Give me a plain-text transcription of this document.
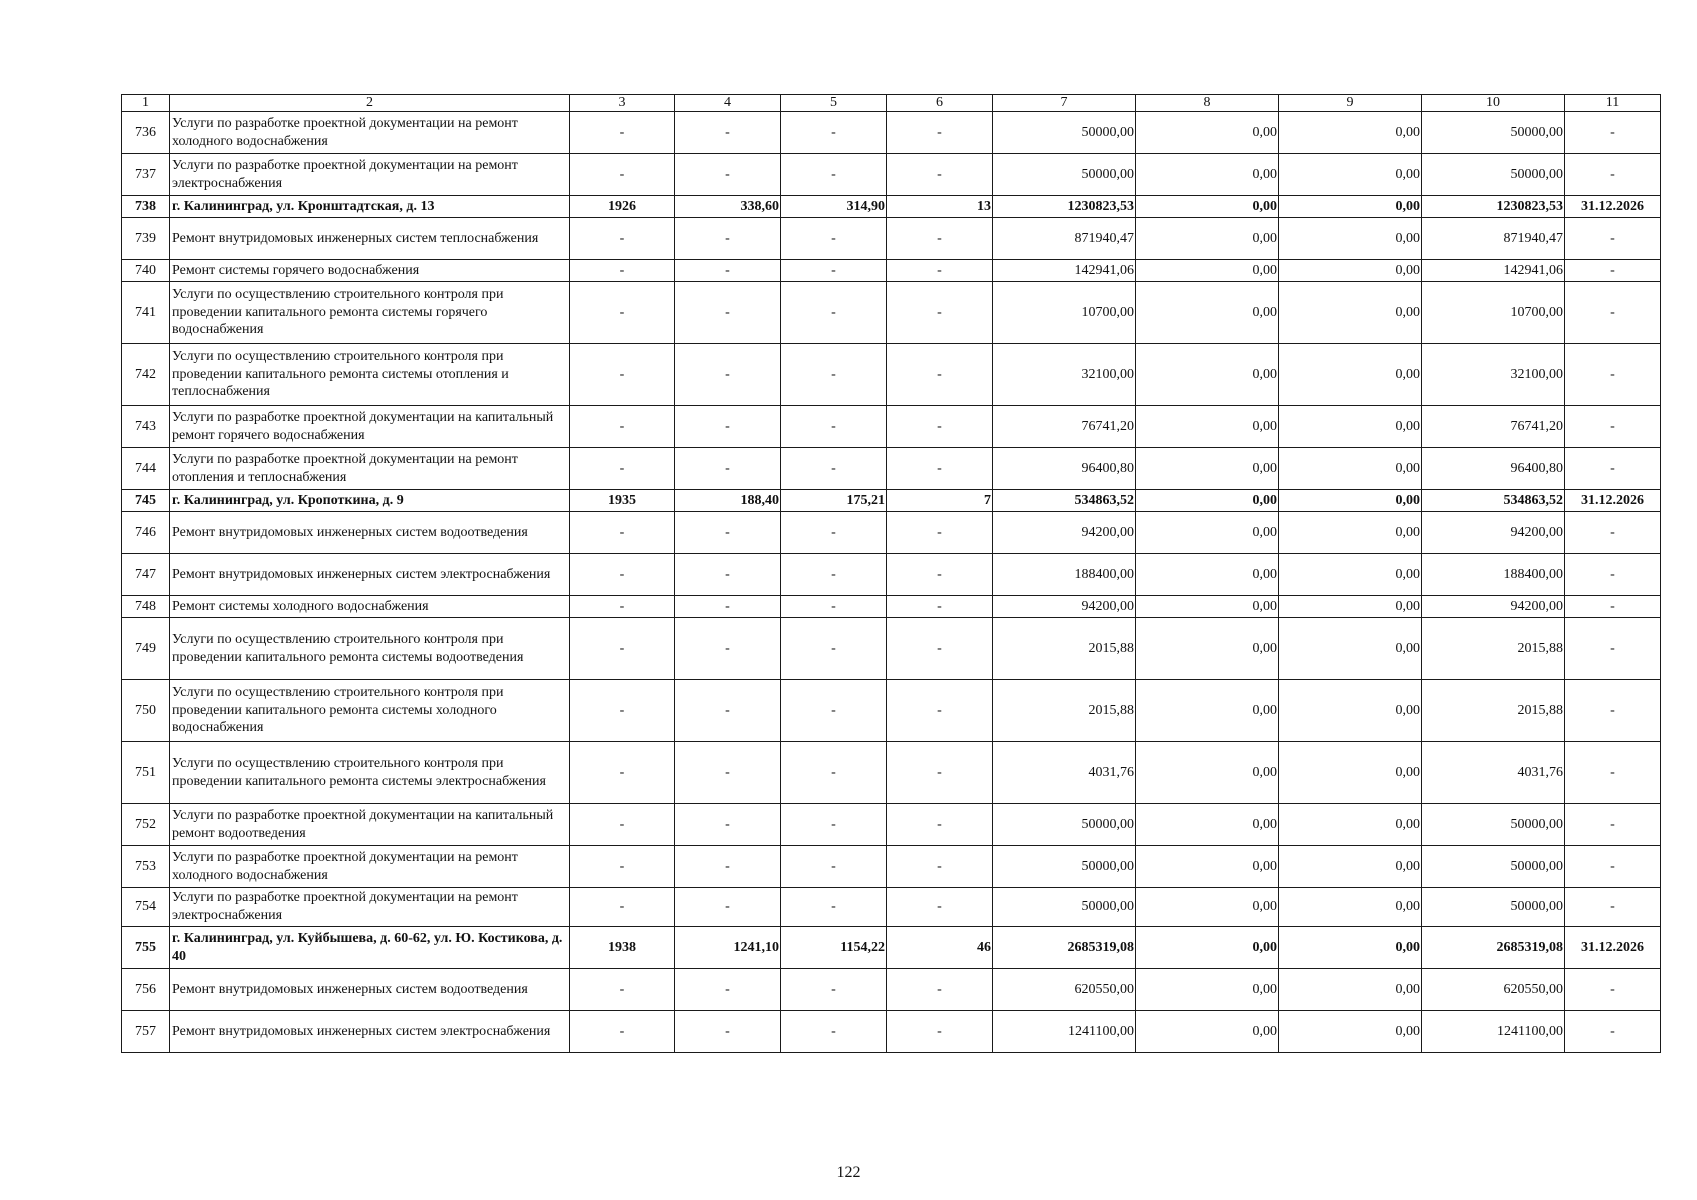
1	2	3	4	5	6	7	8	9	10	11
736	Услуги по разработке проектной документации на ремонт холодного водоснабжения	-	-	-	-	50000,00	0,00	0,00	50000,00	-
737	Услуги по разработке проектной документации на ремонт электроснабжения	-	-	-	-	50000,00	0,00	0,00	50000,00	-
738	г. Калининград, ул. Кронштадтская, д. 13	1926	338,60	314,90	13	1230823,53	0,00	0,00	1230823,53	31.12.2026
739	Ремонт внутридомовых инженерных систем теплоснабжения	-	-	-	-	871940,47	0,00	0,00	871940,47	-
740	Ремонт системы горячего водоснабжения	-	-	-	-	142941,06	0,00	0,00	142941,06	-
741	Услуги по осуществлению строительного контроля при проведении капитального ремонта системы горячего водоснабжения	-	-	-	-	10700,00	0,00	0,00	10700,00	-
742	Услуги по осуществлению строительного контроля при проведении капитального ремонта системы отопления и теплоснабжения	-	-	-	-	32100,00	0,00	0,00	32100,00	-
743	Услуги по разработке проектной документации на капитальный ремонт горячего водоснабжения	-	-	-	-	76741,20	0,00	0,00	76741,20	-
744	Услуги по разработке проектной документации на ремонт отопления и теплоснабжения	-	-	-	-	96400,80	0,00	0,00	96400,80	-
745	г. Калининград, ул. Кропоткина, д. 9	1935	188,40	175,21	7	534863,52	0,00	0,00	534863,52	31.12.2026
746	Ремонт внутридомовых инженерных систем водоотведения	-	-	-	-	94200,00	0,00	0,00	94200,00	-
747	Ремонт внутридомовых инженерных систем электроснабжения	-	-	-	-	188400,00	0,00	0,00	188400,00	-
748	Ремонт системы холодного водоснабжения	-	-	-	-	94200,00	0,00	0,00	94200,00	-
749	Услуги по осуществлению строительного контроля при проведении капитального ремонта системы водоотведения	-	-	-	-	2015,88	0,00	0,00	2015,88	-
750	Услуги по осуществлению строительного контроля при проведении капитального ремонта системы холодного водоснабжения	-	-	-	-	2015,88	0,00	0,00	2015,88	-
751	Услуги по осуществлению строительного контроля при проведении капитального ремонта системы электроснабжения	-	-	-	-	4031,76	0,00	0,00	4031,76	-
752	Услуги по разработке проектной документации на капитальный ремонт водоотведения	-	-	-	-	50000,00	0,00	0,00	50000,00	-
753	Услуги по разработке проектной документации на ремонт холодного водоснабжения	-	-	-	-	50000,00	0,00	0,00	50000,00	-
754	Услуги по разработке проектной документации на ремонт электроснабжения	-	-	-	-	50000,00	0,00	0,00	50000,00	-
755	г. Калининград, ул. Куйбышева, д. 60-62, ул. Ю. Костикова, д. 40	1938	1241,10	1154,22	46	2685319,08	0,00	0,00	2685319,08	31.12.2026
756	Ремонт внутридомовых инженерных систем водоотведения	-	-	-	-	620550,00	0,00	0,00	620550,00	-
757	Ремонт внутридомовых инженерных систем электроснабжения	-	-	-	-	1241100,00	0,00	0,00	1241100,00	-
122
